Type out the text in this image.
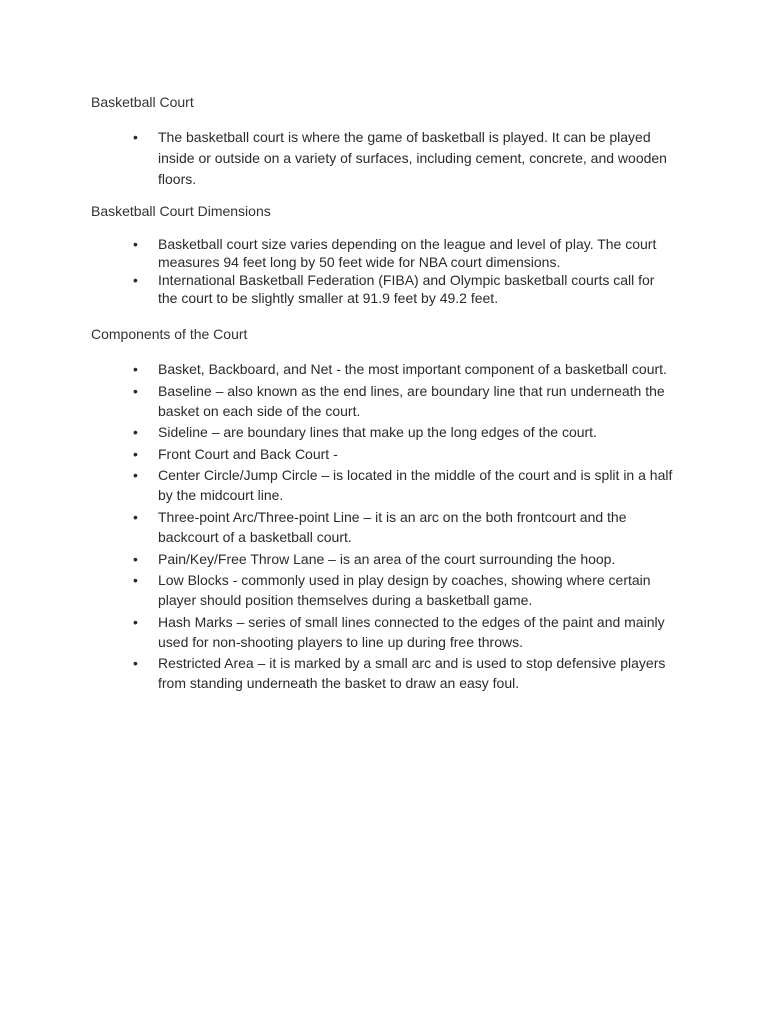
Basketball Court
• The basketball court is where the game of basketball is played. It can be played inside or outside on a variety of surfaces, including cement, concrete, and wooden floors.
Basketball Court Dimensions
• Basketball court size varies depending on the league and level of play. The court measures 94 feet long by 50 feet wide for NBA court dimensions.
• International Basketball Federation (FIBA) and Olympic basketball courts call for the court to be slightly smaller at 91.9 feet by 49.2 feet.
Components of the Court
• Basket, Backboard, and Net - the most important component of a basketball court.
• Baseline – also known as the end lines, are boundary line that run underneath the basket on each side of the court.
• Sideline – are boundary lines that make up the long edges of the court.
• Front Court and Back Court -
• Center Circle/Jump Circle – is located in the middle of the court and is split in a half by the midcourt line.
• Three-point Arc/Three-point Line – it is an arc on the both frontcourt and the backcourt of a basketball court.
• Pain/Key/Free Throw Lane – is an area of the court surrounding the hoop.
• Low Blocks - commonly used in play design by coaches, showing where certain player should position themselves during a basketball game.
• Hash Marks – series of small lines connected to the edges of the paint and mainly used for non-shooting players to line up during free throws.
• Restricted Area – it is marked by a small arc and is used to stop defensive players from standing underneath the basket to draw an easy foul.
